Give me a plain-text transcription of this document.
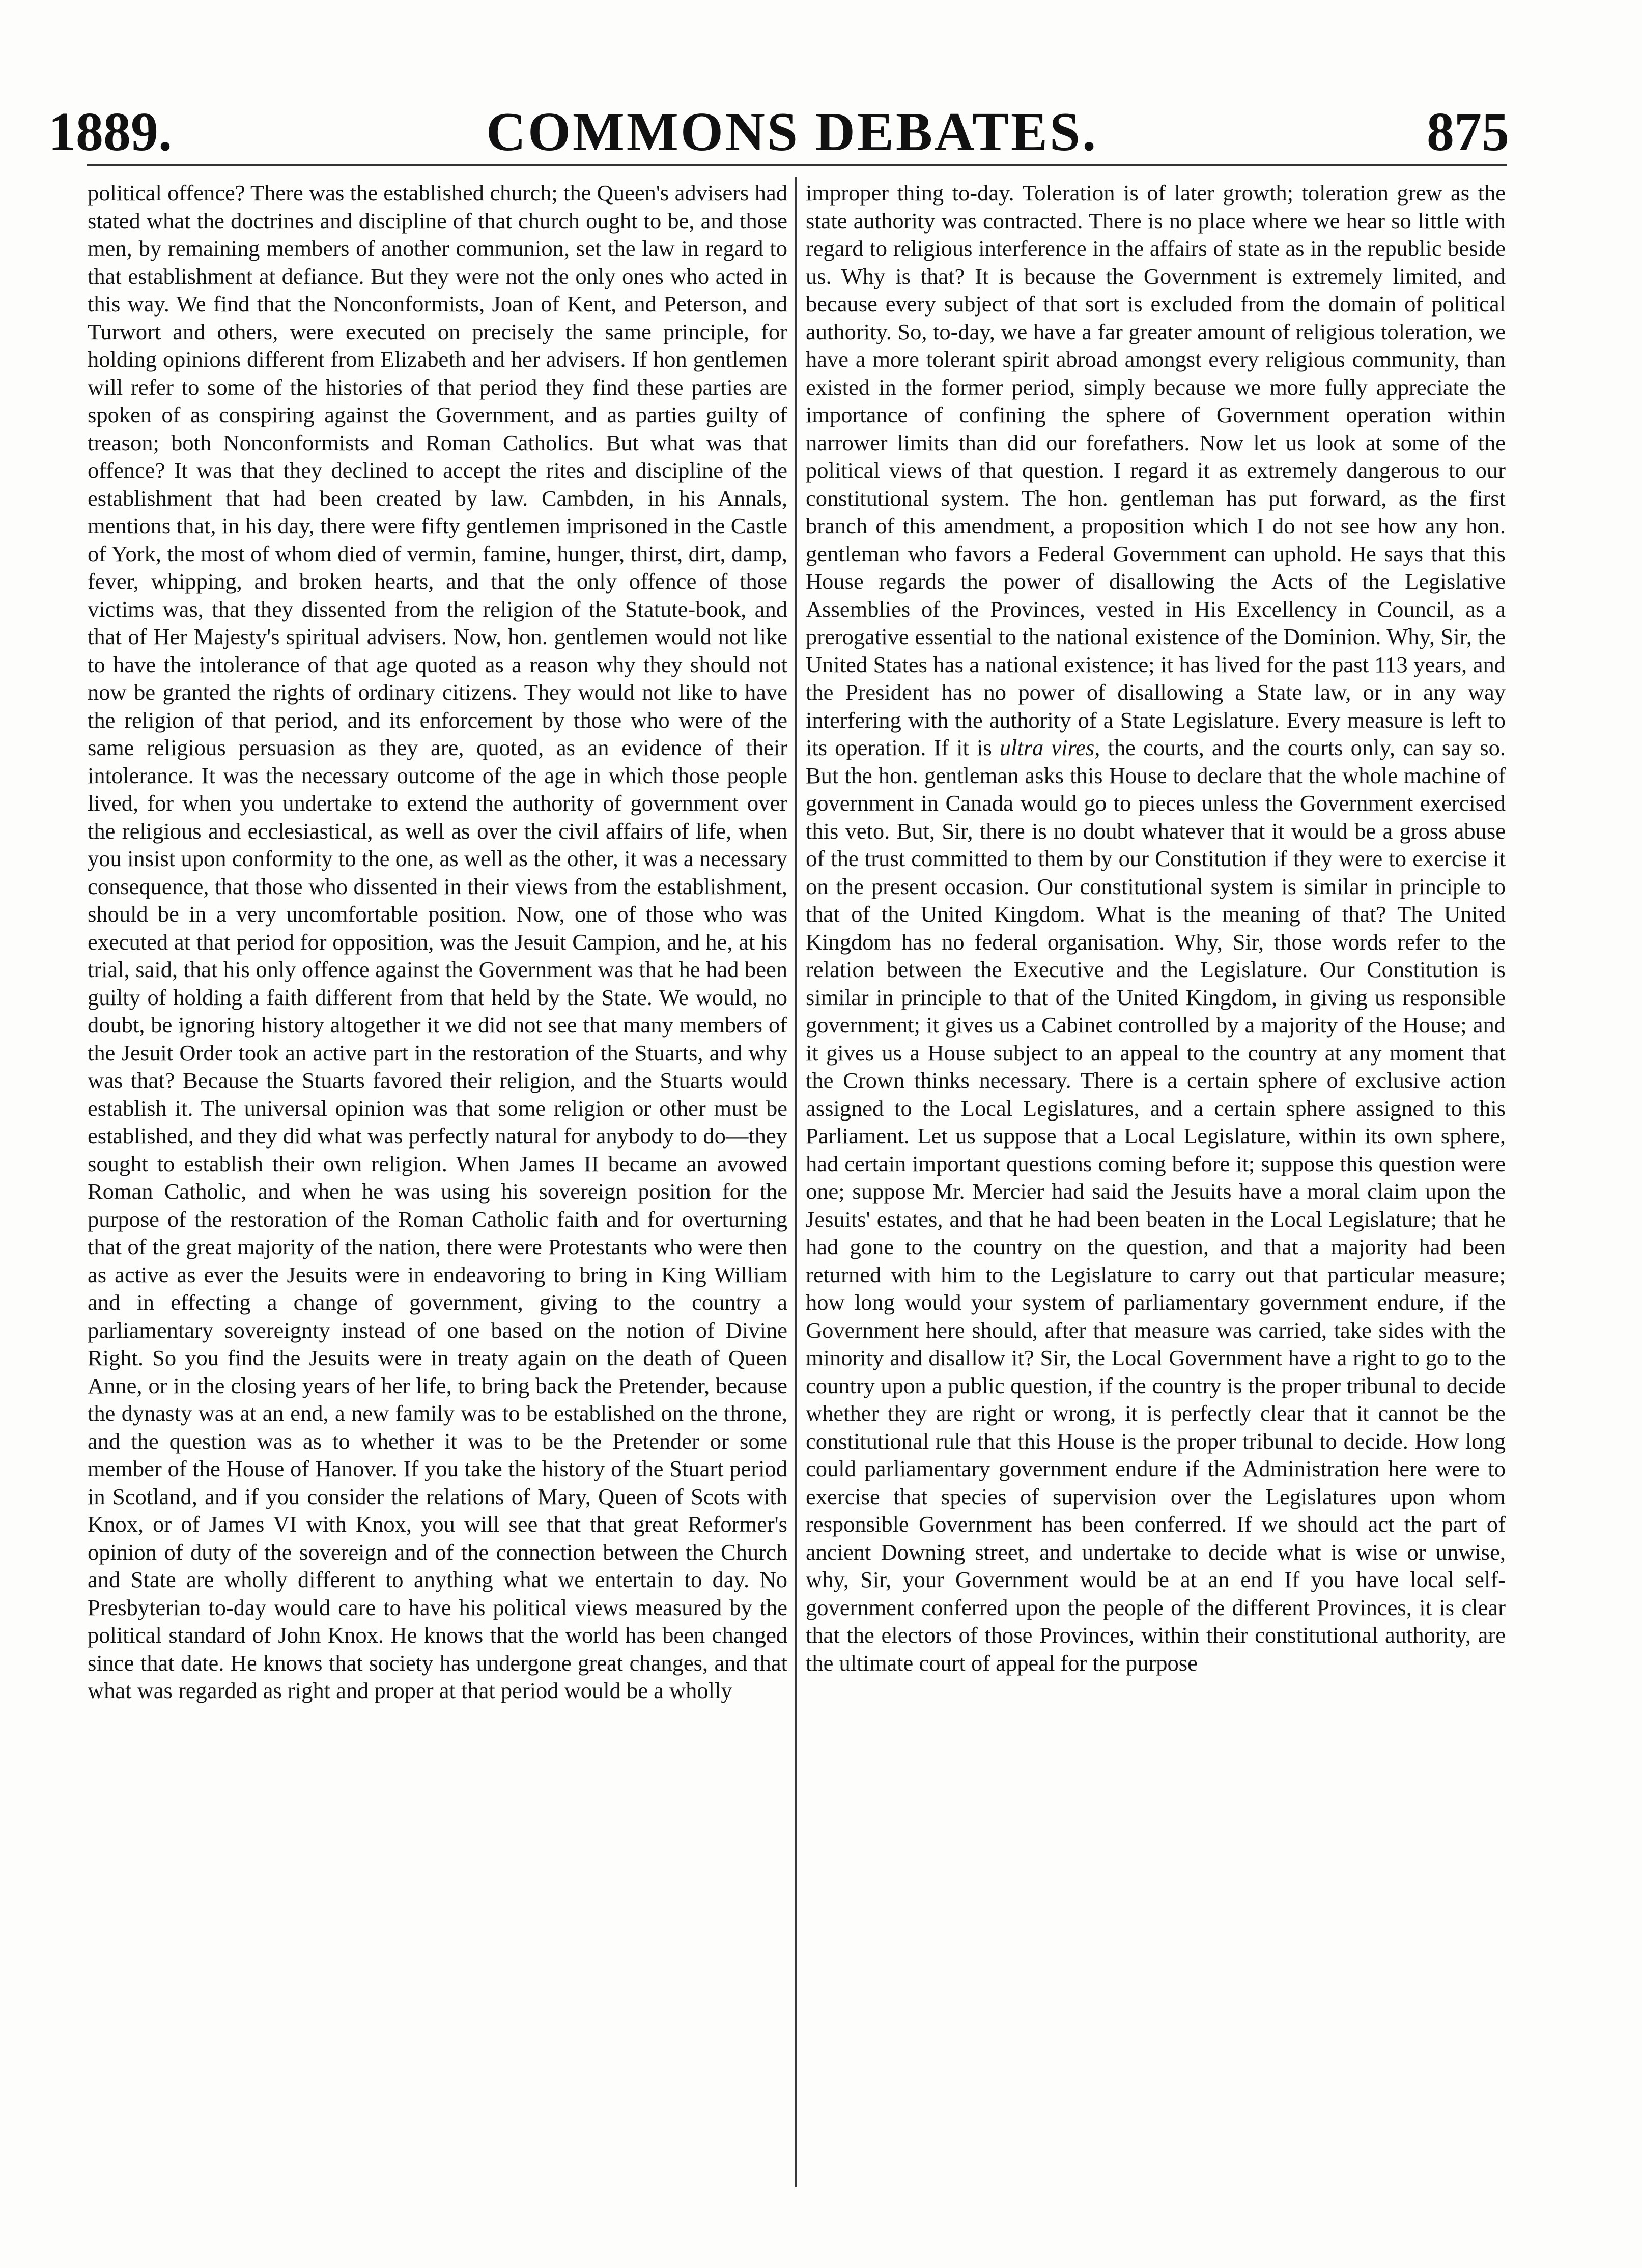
1889.	COMMONS DEBATES.	875

political offence? There was the established church; the Queen's advisers had stated what the doctrines and discipline of that church ought to be, and those men, by remaining members of another communion, set the law in regard to that establishment at defiance. But they were not the only ones who acted in this way. We find that the Nonconformists, Joan of Kent, and Peterson, and Turwort and others, were executed on precisely the same principle, for holding opinions different from Elizabeth and her advisers. If hon gentlemen will refer to some of the histories of that period they find these parties are spoken of as conspiring against the Government, and as parties guilty of treason; both Nonconformists and Roman Catholics. But what was that offence? It was that they declined to accept the rites and discipline of the establishment that had been created by law. Cambden, in his Annals, mentions that, in his day, there were fifty gentlemen imprisoned in the Castle of York, the most of whom died of vermin, famine, hunger, thirst, dirt, damp, fever, whipping, and broken hearts, and that the only offence of those victims was, that they dissented from the religion of the Statute-book, and that of Her Majesty's spiritual advisers. Now, hon. gentlemen would not like to have the intolerance of that age quoted as a reason why they should not now be granted the rights of ordinary citizens. They would not like to have the religion of that period, and its enforcement by those who were of the same religious persuasion as they are, quoted, as an evidence of their intolerance. It was the necessary outcome of the age in which those people lived, for when you undertake to extend the authority of government over the religious and ecclesiastical, as well as over the civil affairs of life, when you insist upon conformity to the one, as well as the other, it was a necessary consequence, that those who dissented in their views from the establishment, should be in a very uncomfortable position. Now, one of those who was executed at that period for opposition, was the Jesuit Campion, and he, at his trial, said, that his only offence against the Government was that he had been guilty of holding a faith different from that held by the State. We would, no doubt, be ignoring history altogether it we did not see that many members of the Jesuit Order took an active part in the restoration of the Stuarts, and why was that? Because the Stuarts favored their religion, and the Stuarts would establish it. The universal opinion was that some religion or other must be established, and they did what was perfectly natural for anybody to do—they sought to establish their own religion. When James II became an avowed Roman Catholic, and when he was using his sovereign position for the purpose of the restoration of the Roman Catholic faith and for overturning that of the great majority of the nation, there were Protestants who were then as active as ever the Jesuits were in endeavoring to bring in King William and in effecting a change of government, giving to the country a parliamentary sovereignty instead of one based on the notion of Divine Right. So you find the Jesuits were in treaty again on the death of Queen Anne, or in the closing years of her life, to bring back the Pretender, because the dynasty was at an end, a new family was to be established on the throne, and the question was as to whether it was to be the Pretender or some member of the House of Hanover. If you take the history of the Stuart period in Scotland, and if you consider the relations of Mary, Queen of Scots with Knox, or of James VI with Knox, you will see that that great Reformer's opinion of duty of the sovereign and of the connection between the Church and State are wholly different to anything what we entertain to day. No Presbyterian to-day would care to have his political views measured by the political standard of John Knox. He knows that the world has been changed since that date. He knows that society has undergone great changes, and that what was regarded as right and proper at that period would be a wholly

improper thing to-day. Toleration is of later growth; toleration grew as the state authority was contracted. There is no place where we hear so little with regard to religious interference in the affairs of state as in the republic beside us. Why is that? It is because the Government is extremely limited, and because every subject of that sort is excluded from the domain of political authority. So, to-day, we have a far greater amount of religious toleration, we have a more tolerant spirit abroad amongst every religious community, than existed in the former period, simply because we more fully appreciate the importance of confining the sphere of Government operation within narrower limits than did our forefathers. Now let us look at some of the political views of that question. I regard it as extremely dangerous to our constitutional system. The hon. gentleman has put forward, as the first branch of this amendment, a proposition which I do not see how any hon. gentleman who favors a Federal Government can uphold. He says that this House regards the power of disallowing the Acts of the Legislative Assemblies of the Provinces, vested in His Excellency in Council, as a prerogative essential to the national existence of the Dominion. Why, Sir, the United States has a national existence; it has lived for the past 113 years, and the President has no power of disallowing a State law, or in any way interfering with the authority of a State Legislature. Every measure is left to its operation. If it is ultra vires, the courts, and the courts only, can say so. But the hon. gentleman asks this House to declare that the whole machine of government in Canada would go to pieces unless the Government exercised this veto. But, Sir, there is no doubt whatever that it would be a gross abuse of the trust committed to them by our Constitution if they were to exercise it on the present occasion. Our constitutional system is similar in principle to that of the United Kingdom. What is the meaning of that? The United Kingdom has no federal organisation. Why, Sir, those words refer to the relation between the Executive and the Legislature. Our Constitution is similar in principle to that of the United Kingdom, in giving us responsible government; it gives us a Cabinet controlled by a majority of the House; and it gives us a House subject to an appeal to the country at any moment that the Crown thinks necessary. There is a certain sphere of exclusive action assigned to the Local Legislatures, and a certain sphere assigned to this Parliament. Let us suppose that a Local Legislature, within its own sphere, had certain important questions coming before it; suppose this question were one; suppose Mr. Mercier had said the Jesuits have a moral claim upon the Jesuits' estates, and that he had been beaten in the Local Legislature; that he had gone to the country on the question, and that a majority had been returned with him to the Legislature to carry out that particular measure; how long would your system of parliamentary government endure, if the Government here should, after that measure was carried, take sides with the minority and disallow it? Sir, the Local Government have a right to go to the country upon a public question, if the country is the proper tribunal to decide whether they are right or wrong, it is perfectly clear that it cannot be the constitutional rule that this House is the proper tribunal to decide. How long could parliamentary government endure if the Administration here were to exercise that species of supervision over the Legislatures upon whom responsible Government has been conferred. If we should act the part of ancient Downing street, and undertake to decide what is wise or unwise, why, Sir, your Government would be at an end If you have local self-government conferred upon the people of the different Provinces, it is clear that the electors of those Provinces, within their constitutional authority, are the ultimate court of appeal for the purpose
